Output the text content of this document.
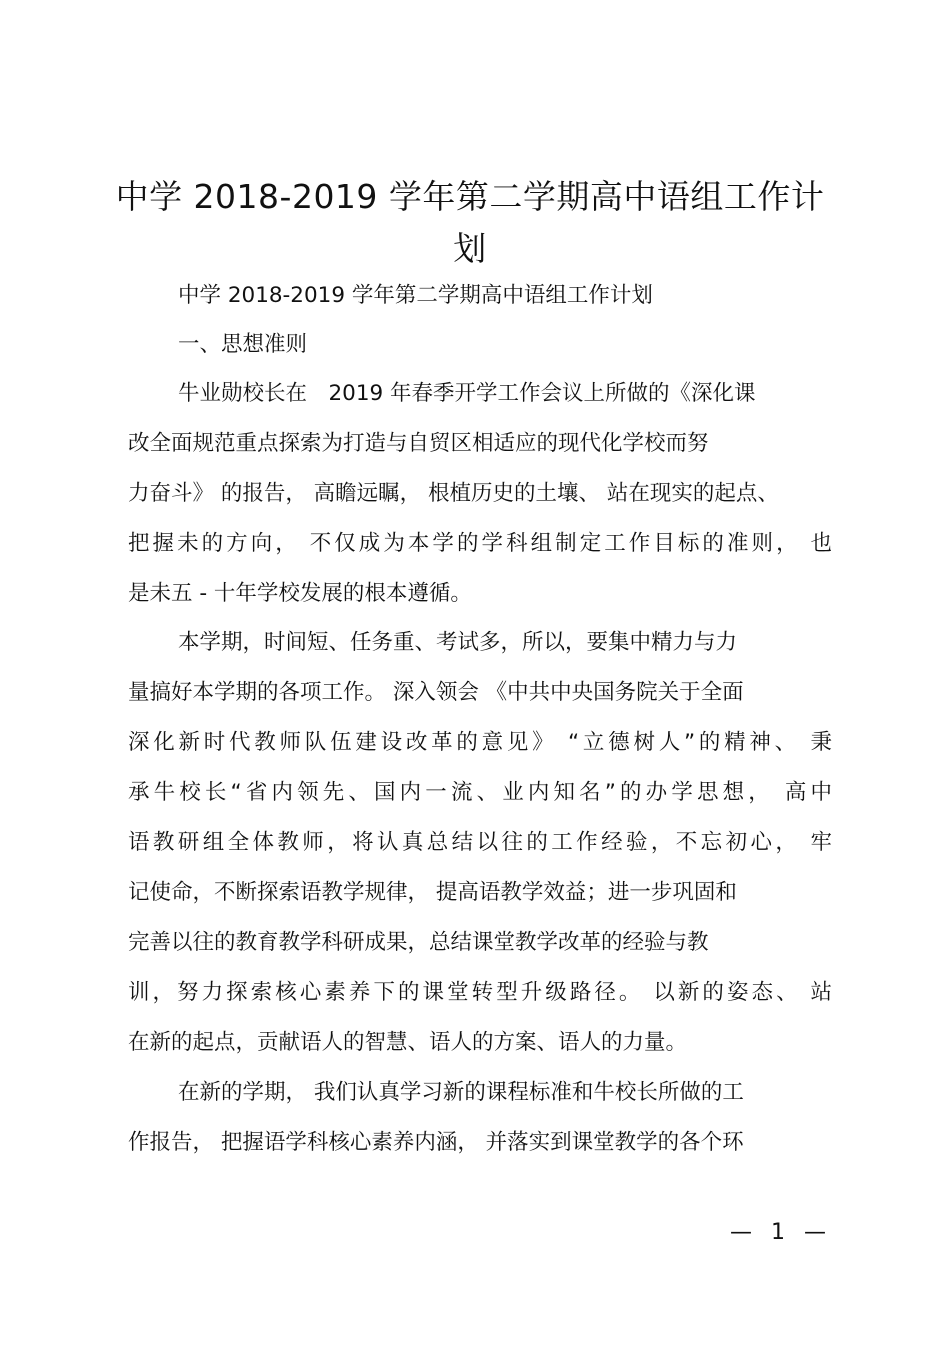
中学 2018-2019 学年第二学期高中语组工作计
划
中学 2018-2019 学年第二学期高中语组工作计划
一、思想准则
牛业勋校长在　2019 年春季开学工作会议上所做的《深化课
改全面规范重点探索为打造与自贸区相适应的现代化学校而努
力奋斗》 的报告， 高瞻远瞩， 根植历史的土壤、 站在现实的起点、
把握未的方向， 不仅成为本学的学科组制定工作目标的准则， 也
是未五 - 十年学校发展的根本遵循。
本学期，时间短、任务重、考试多，所以，要集中精力与力
量搞好本学期的各项工作。 深入领会 《中共中央国务院关于全面
深化新时代教师队伍建设改革的意见》 “立德树人”的精神、 秉
承牛校长“省内领先、国内一流、业内知名”的办学思想， 高中
语教研组全体教师，将认真总结以往的工作经验，不忘初心， 牢
记使命，不断探索语教学规律， 提高语教学效益；进一步巩固和
完善以往的教育教学科研成果，总结课堂教学改革的经验与教
训，努力探索核心素养下的课堂转型升级路径。 以新的姿态、 站
在新的起点，贡献语人的智慧、语人的方案、语人的力量。
在新的学期， 我们认真学习新的课程标准和牛校长所做的工
作报告， 把握语学科核心素养内涵， 并落实到课堂教学的各个环
— 1 —
